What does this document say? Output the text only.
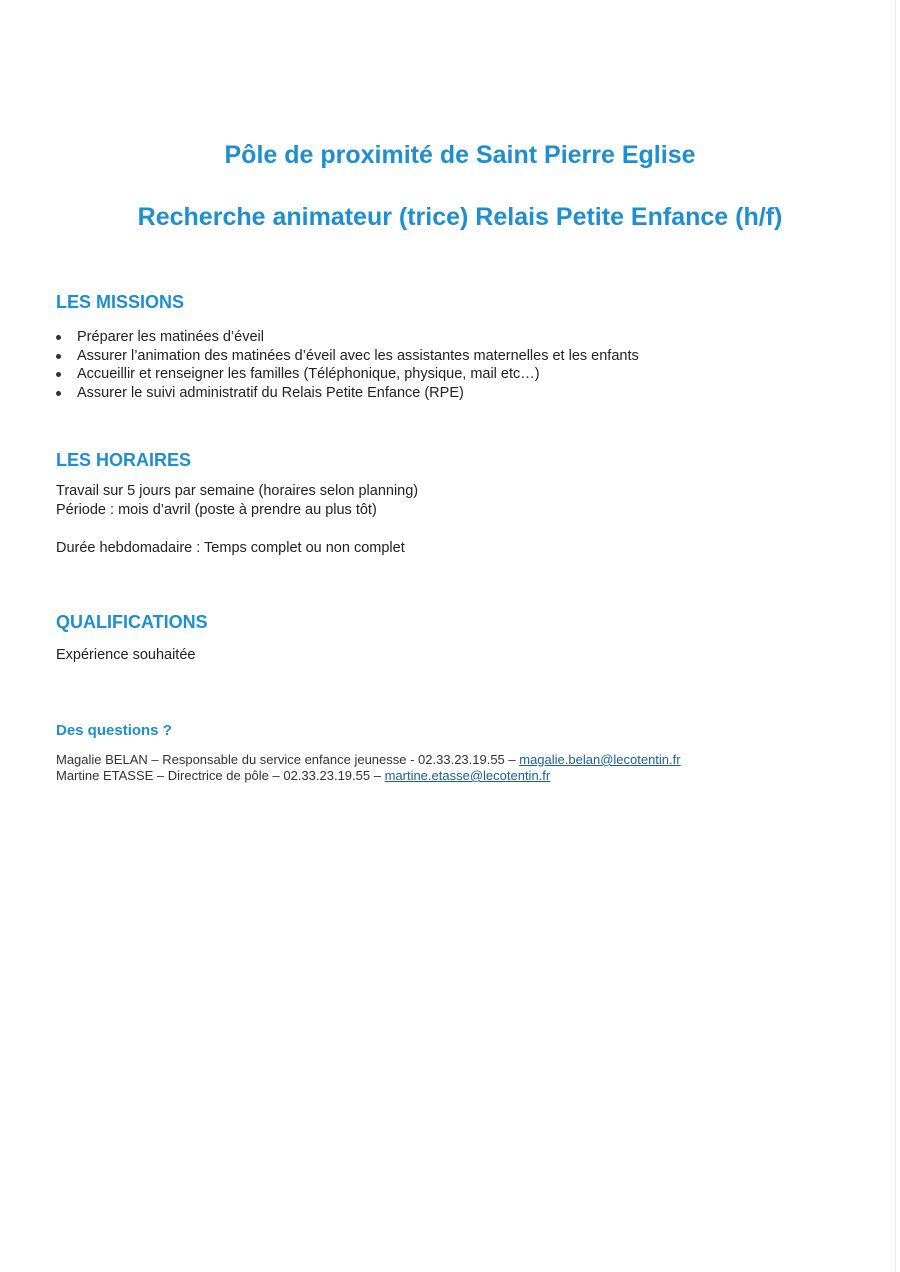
Pôle de proximité de Saint Pierre Eglise
Recherche animateur (trice) Relais Petite Enfance (h/f)
LES MISSIONS
Préparer les matinées d’éveil
Assurer l’animation des matinées d’éveil avec les assistantes maternelles et les enfants
Accueillir et renseigner les familles (Téléphonique, physique, mail etc…)
Assurer le suivi administratif du Relais Petite Enfance (RPE)
LES HORAIRES

Travail sur 5 jours par semaine (horaires selon planning)

Période : mois d’avril (poste à prendre au plus tôt)

Durée hebdomadaire : Temps complet ou non complet

QUALIFICATIONS

Expérience souhaitée

Des questions ?

Magalie BELAN – Responsable du service enfance jeunesse - 02.33.23.19.55 – magalie.belan@lecotentin.fr

Martine ETASSE – Directrice de pôle – 02.33.23.19.55 – martine.etasse@lecotentin.fr
